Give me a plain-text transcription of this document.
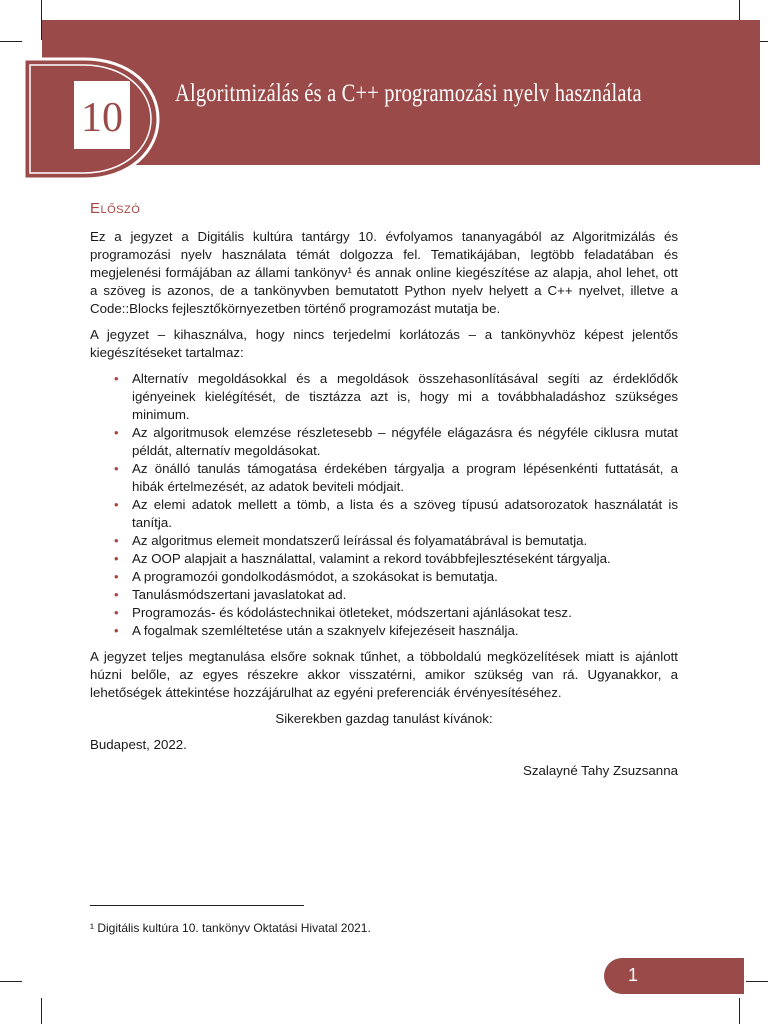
10
Algoritmizálás és a C++ programozási nyelv használata
Előszó

Ez a jegyzet a Digitális kultúra tantárgy 10. évfolyamos tananyagából az Algoritmizálás és programozási nyelv használata témát dolgozza fel. Tematikájában, legtöbb feladatában és megjelenési formájában az állami tankönyv¹ és annak online kiegészítése az alapja, ahol lehet, ott a szöveg is azonos, de a tankönyvben bemutatott Python nyelv helyett a C++ nyelvet, illetve a Code::Blocks fejlesztőkörnyezetben történő programozást mutatja be.

A jegyzet – kihasználva, hogy nincs terjedelmi korlátozás – a tankönyvhöz képest jelentős kiegészítéseket tartalmaz:

• Alternatív megoldásokkal és a megoldások összehasonlításával segíti az érdeklődők igényeinek kielégítését, de tisztázza azt is, hogy mi a továbbhaladáshoz szükséges minimum.
• Az algoritmusok elemzése részletesebb – négyféle elágazásra és négyféle ciklusra mutat példát, alternatív megoldásokat.
• Az önálló tanulás támogatása érdekében tárgyalja a program lépésenkénti futtatását, a hibák értelmezését, az adatok beviteli módjait.
• Az elemi adatok mellett a tömb, a lista és a szöveg típusú adatsorozatok használatát is tanítja.
• Az algoritmus elemeit mondatszerű leírással és folyamatábrával is bemutatja.
• Az OOP alapjait a használattal, valamint a rekord továbbfejlesztéseként tárgyalja.
• A programozói gondolkodásmódot, a szokásokat is bemutatja.
• Tanulásmódszertani javaslatokat ad.
• Programozás- és kódolástechnikai ötleteket, módszertani ajánlásokat tesz.
• A fogalmak szemléltetése után a szaknyelv kifejezéseit használja.

A jegyzet teljes megtanulása elsőre soknak tűnhet, a többoldalú megközelítések miatt is ajánlott húzni belőle, az egyes részekre akkor visszatérni, amikor szükség van rá. Ugyanakkor, a lehetőségek áttekintése hozzájárulhat az egyéni preferenciák érvényesítéséhez.

Sikerekben gazdag tanulást kívánok:

Budapest, 2022.

Szalayné Tahy Zsuzsanna

¹ Digitális kultúra 10. tankönyv Oktatási Hivatal 2021.
1
